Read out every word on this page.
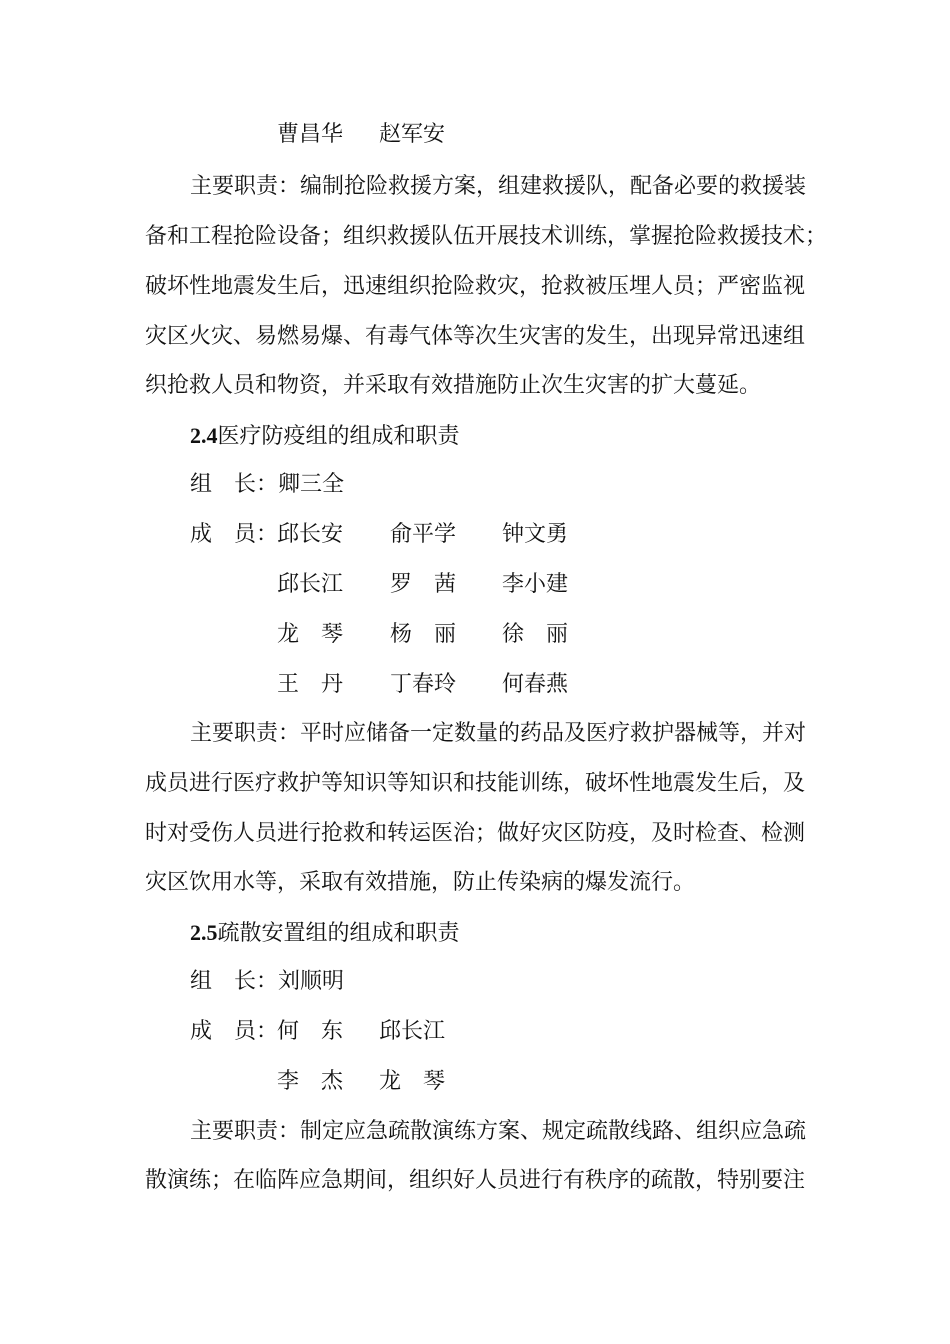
曹昌华 赵军安
主要职责：编制抢险救援方案，组建救援队，配备必要的救援装
备和工程抢险设备；组织救援队伍开展技术训练，掌握抢险救援技术；
破坏性地震发生后，迅速组织抢险救灾，抢救被压埋人员；严密监视
灾区火灾、易燃易爆、有毒气体等次生灾害的发生，出现异常迅速组
织抢救人员和物资，并采取有效措施防止次生灾害的扩大蔓延。
2.4医疗防疫组的组成和职责
组　长：卿三全
成　员：
邱长安 俞平学 钟文勇
邱长江 罗　茜 李小建
龙　琴 杨　丽 徐　丽
王　丹 丁春玲 何春燕
主要职责：平时应储备一定数量的药品及医疗救护器械等，并对
成员进行医疗救护等知识等知识和技能训练，破坏性地震发生后，及
时对受伤人员进行抢救和转运医治；做好灾区防疫，及时检查、检测
灾区饮用水等，采取有效措施，防止传染病的爆发流行。
2.5疏散安置组的组成和职责
组　长：刘顺明
成　员：
何　东 邱长江
李　杰 龙　琴
主要职责：制定应急疏散演练方案、规定疏散线路、组织应急疏
散演练；在临阵应急期间，组织好人员进行有秩序的疏散，特别要注
